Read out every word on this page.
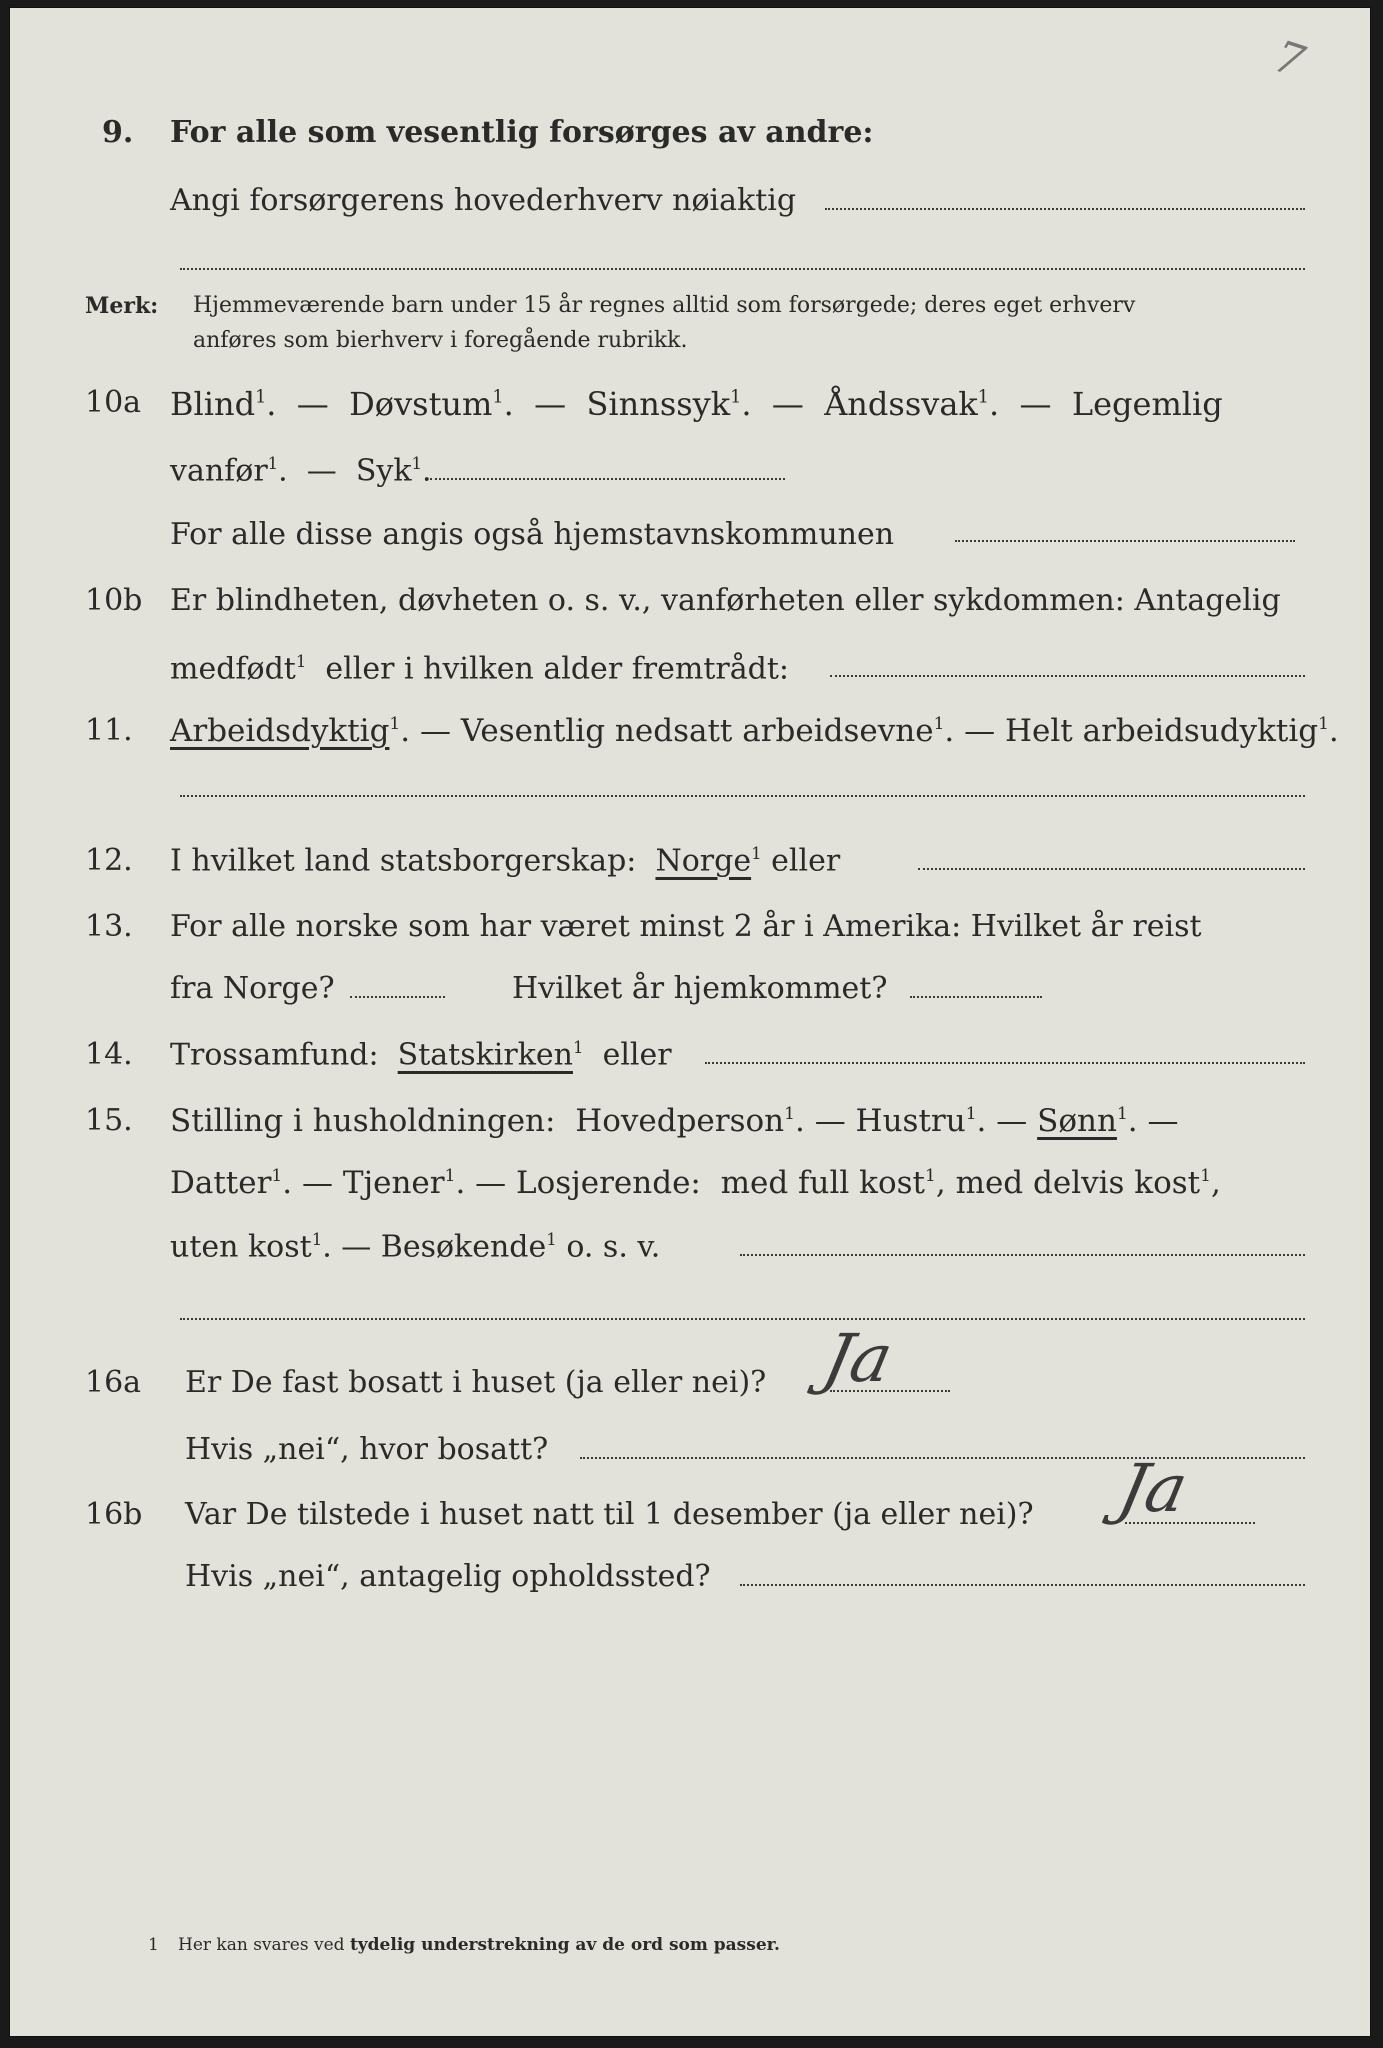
7
9. For alle som vesentlig forsørges av andre:
Angi forsørgerens hovederhverv nøiaktig
Merk: Hjemmeværende barn under 15 år regnes alltid som forsørgede; deres eget erhverv
anføres som bierhverv i foregående rubrikk.
10a Blind$^1$.  —  Døvstum$^1$.  —  Sinnssyk$^1$.  —  Åndssvak$^1$.  —  Legemlig
vanfør$^1$.  —  Syk$^1$.
For alle disse angis også hjemstavnskommunen
10b Er blindheten, døvheten o. s. v., vanførheten eller sykdommen: Antagelig
medfødt$^1$ eller i hvilken alder fremtrådt:
11. Arbeidsdyktig$^1$. — Vesentlig nedsatt arbeidsevne$^1$. — Helt arbeidsudyktig$^1$.
12. I hvilket land statsborgerskap: Norge$^1$ eller
13. For alle norske som har været minst 2 år i Amerika: Hvilket år reist
fra Norge?	Hvilket år hjemkommet?
14. Trossamfund: Statskirken$^1$ eller
15. Stilling i husholdningen: Hovedperson$^1$. — Hustru$^1$. — Sønn$^1$. —
Datter$^1$. — Tjener$^1$. — Losjerende: med full kost$^1$, med delvis kost$^1$,
uten kost$^1$. — Besøkende$^1$ o. s. v.
16a Er De fast bosatt i huset (ja eller nei)? Ja
Hvis „nei“, hvor bosatt?
16b Var De tilstede i huset natt til 1 desember (ja eller nei)? Ja
Hvis „nei“, antagelig opholdssted?
1 Her kan svares ved tydelig understrekning av de ord som passer.
